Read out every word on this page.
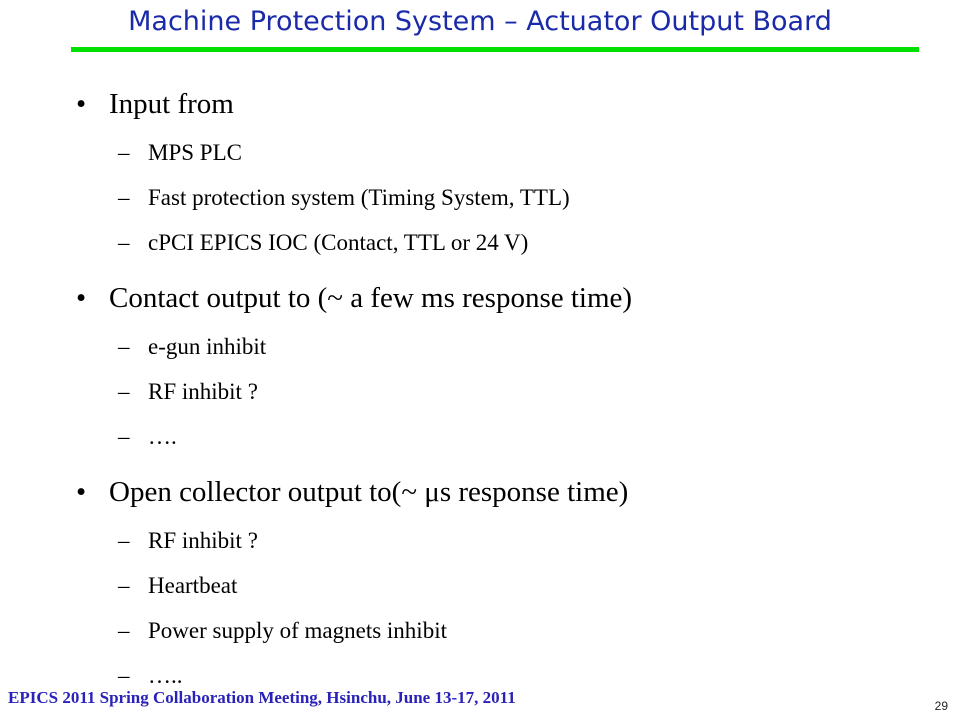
Machine Protection System – Actuator Output Board
• Input from
– MPS PLC
– Fast protection system (Timing System, TTL)
– cPCI EPICS IOC (Contact, TTL or 24 V)
• Contact output to (~ a few ms response time)
– e-gun inhibit
– RF inhibit ?
– ….
• Open collector output to(~ μs response time)
– RF inhibit ?
– Heartbeat
– Power supply of magnets inhibit
– …..
EPICS 2011 Spring Collaboration Meeting, Hsinchu, June 13-17, 2011	29
